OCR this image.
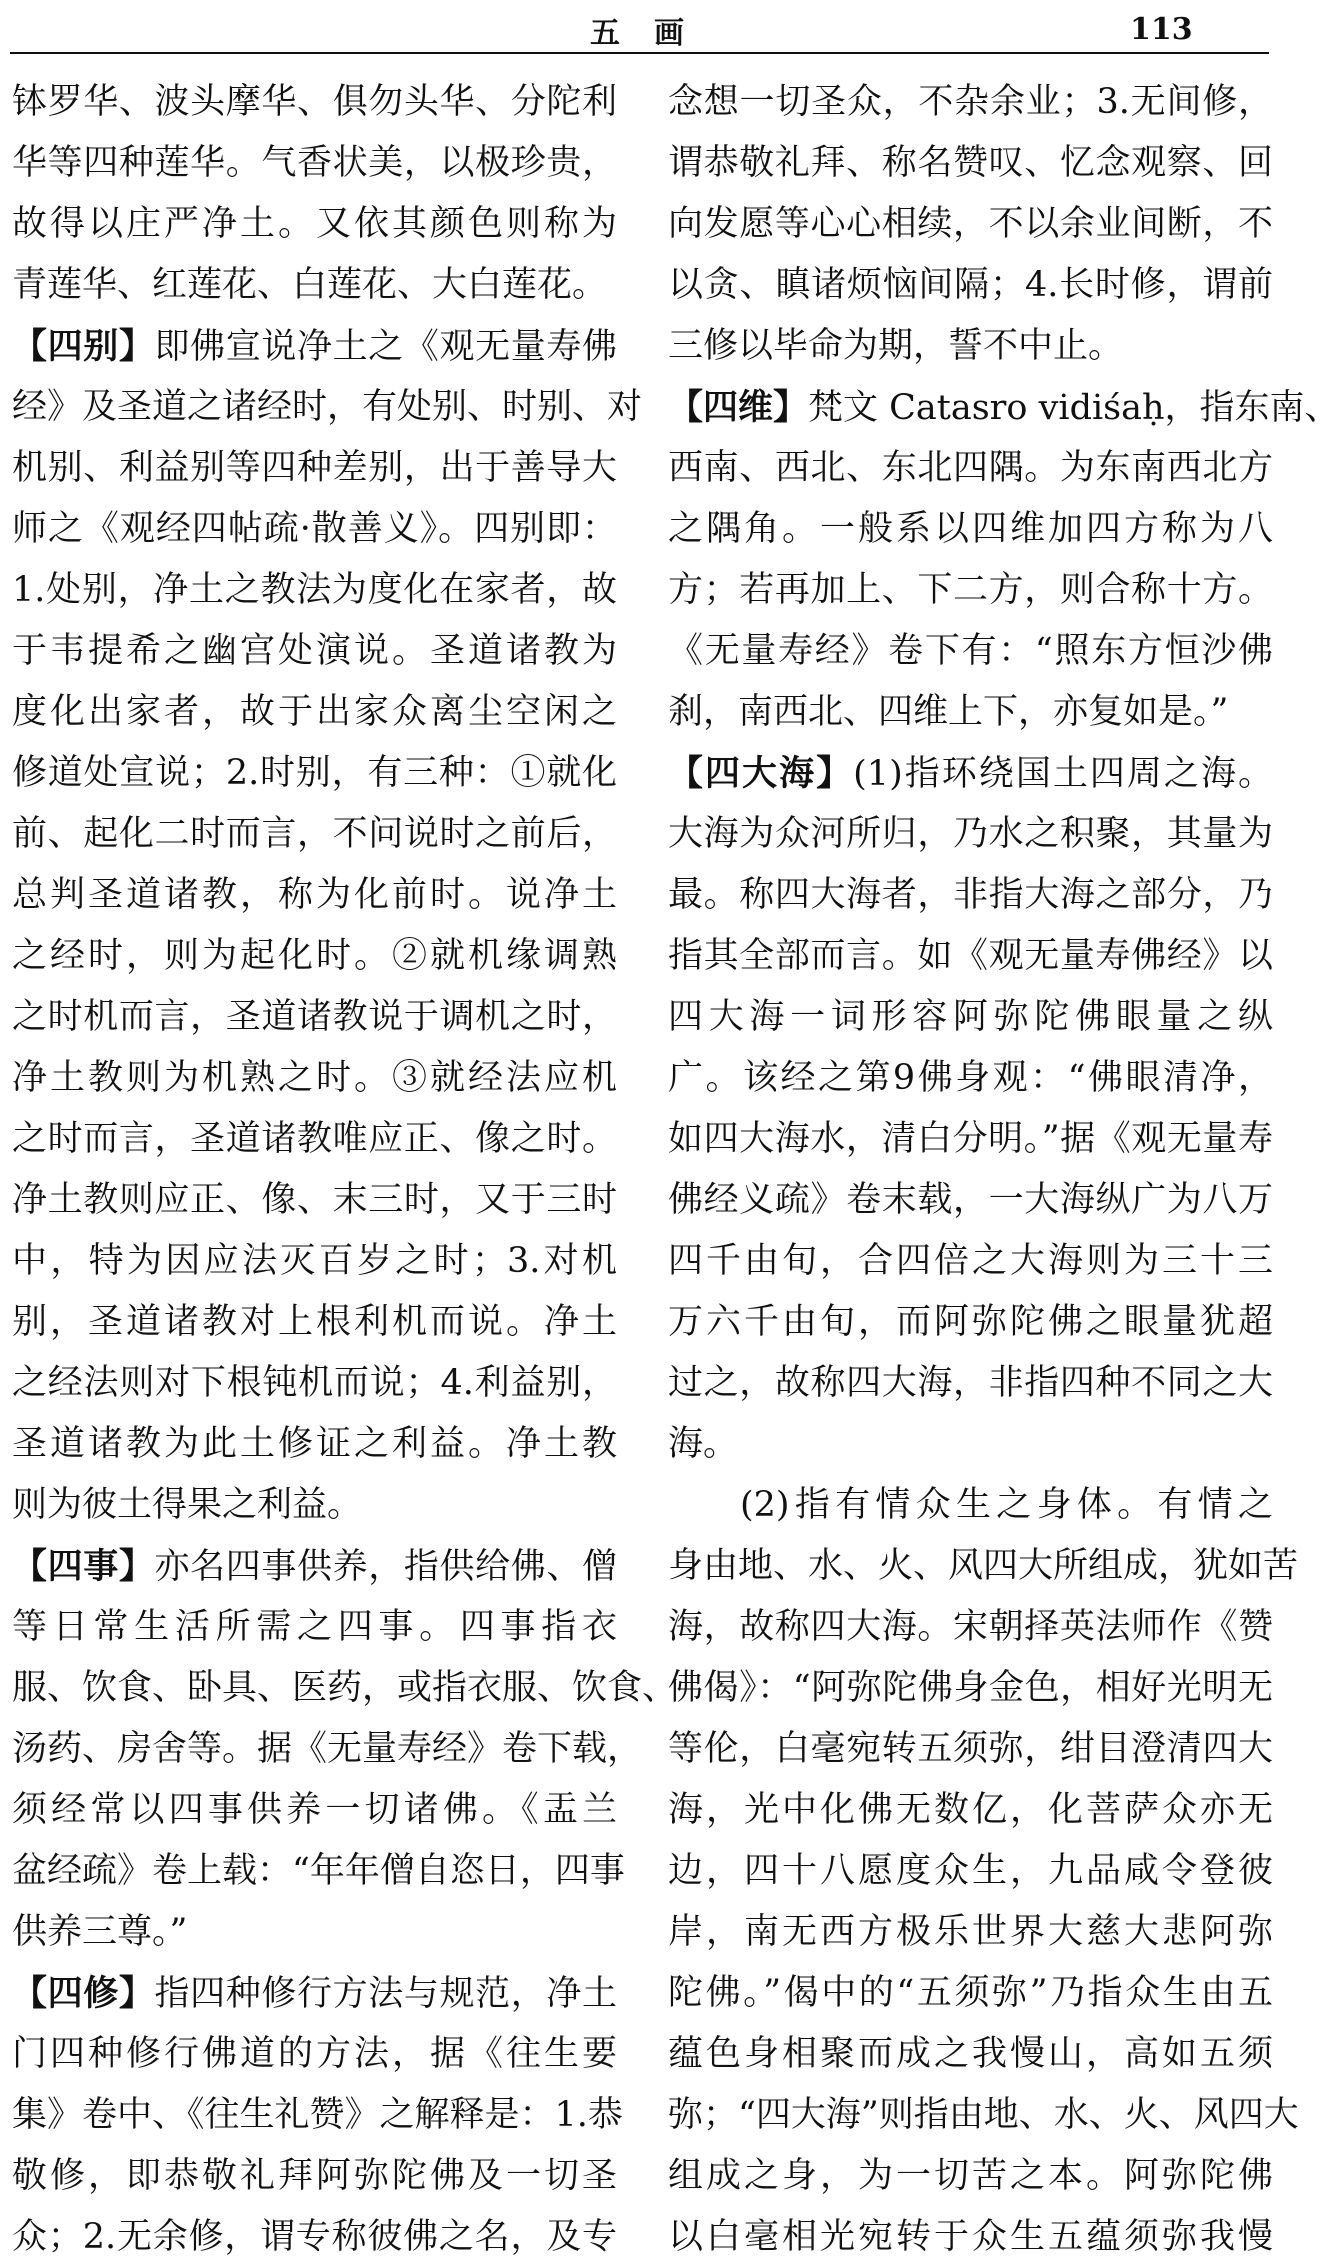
五画	113
钵罗华、波头摩华、俱勿头华、分陀利
华等四种莲华。气香状美，以极珍贵，
故得以庄严净土。又依其颜色则称为
青莲华、红莲花、白莲花、大白莲花。
【四别】即佛宣说净土之《观无量寿佛
经》及圣道之诸经时，有处别、时别、对
机别、利益别等四种差别，出于善导大
师之《观经四帖疏·散善义》。四别即：
1.处别，净土之教法为度化在家者，故
于韦提希之幽宫处演说。圣道诸教为
度化出家者，故于出家众离尘空闲之
修道处宣说；2.时别，有三种：①就化
前、起化二时而言，不问说时之前后，
总判圣道诸教，称为化前时。说净土
之经时，则为起化时。②就机缘调熟
之时机而言，圣道诸教说于调机之时，
净土教则为机熟之时。③就经法应机
之时而言，圣道诸教唯应正、像之时。
净土教则应正、像、末三时，又于三时
中，特为因应法灭百岁之时；3.对机
别，圣道诸教对上根利机而说。净土
之经法则对下根钝机而说；4.利益别，
圣道诸教为此土修证之利益。净土教
则为彼土得果之利益。
【四事】亦名四事供养，指供给佛、僧
等日常生活所需之四事。四事指衣
服、饮食、卧具、医药，或指衣服、饮食、
汤药、房舍等。据《无量寿经》卷下载，
须经常以四事供养一切诸佛。《盂兰
盆经疏》卷上载：“年年僧自恣日，四事
供养三尊。”
【四修】指四种修行方法与规范，净土
门四种修行佛道的方法，据《往生要
集》卷中、《往生礼赞》之解释是：1.恭
敬修，即恭敬礼拜阿弥陀佛及一切圣
众；2.无余修，谓专称彼佛之名，及专
念想一切圣众，不杂余业；3.无间修，
谓恭敬礼拜、称名赞叹、忆念观察、回
向发愿等心心相续，不以余业间断，不
以贪、瞋诸烦恼间隔；4.长时修，谓前
三修以毕命为期，誓不中止。
【四维】梵文 Catasro vidiśaḥ，指东南、
西南、西北、东北四隅。为东南西北方
之隅角。一般系以四维加四方称为八
方；若再加上、下二方，则合称十方。
《无量寿经》卷下有：“照东方恒沙佛
刹，南西北、四维上下，亦复如是。”
【四大海】(1)指环绕国土四周之海。
大海为众河所归，乃水之积聚，其量为
最。称四大海者，非指大海之部分，乃
指其全部而言。如《观无量寿佛经》以
四大海一词形容阿弥陀佛眼量之纵
广。该经之第9佛身观：“佛眼清净，
如四大海水，清白分明。”据《观无量寿
佛经义疏》卷末载，一大海纵广为八万
四千由旬，合四倍之大海则为三十三
万六千由旬，而阿弥陀佛之眼量犹超
过之，故称四大海，非指四种不同之大
海。
(2)指有情众生之身体。有情之
身由地、水、火、风四大所组成，犹如苦
海，故称四大海。宋朝择英法师作《赞
佛偈》：“阿弥陀佛身金色，相好光明无
等伦，白毫宛转五须弥，绀目澄清四大
海，光中化佛无数亿，化菩萨众亦无
边，四十八愿度众生，九品咸令登彼
岸，南无西方极乐世界大慈大悲阿弥
陀佛。”偈中的“五须弥”乃指众生由五
蕴色身相聚而成之我慢山，高如五须
弥；“四大海”则指由地、水、火、风四大
组成之身，为一切苦之本。阿弥陀佛
以白毫相光宛转于众生五蕴须弥我慢
